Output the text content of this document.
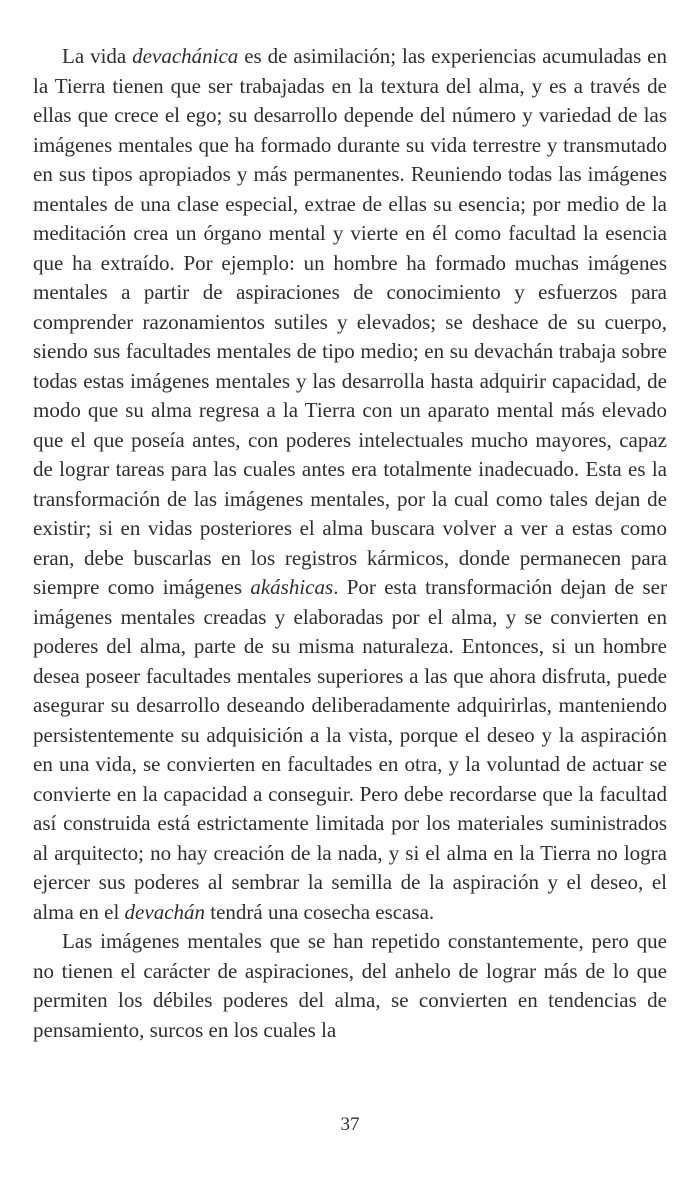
La vida devachánica es de asimilación; las experiencias acumuladas en la Tierra tienen que ser trabajadas en la textura del alma, y es a través de ellas que crece el ego; su desarrollo depende del número y variedad de las imágenes mentales que ha formado durante su vida terrestre y transmutado en sus tipos apropiados y más permanentes. Reuniendo todas las imágenes mentales de una clase especial, extrae de ellas su esencia; por medio de la meditación crea un órgano mental y vierte en él como facultad la esencia que ha extraído. Por ejemplo: un hombre ha formado muchas imágenes mentales a partir de aspiraciones de conocimiento y esfuerzos para comprender razonamientos sutiles y elevados; se deshace de su cuerpo, siendo sus facultades mentales de tipo medio; en su devachán trabaja sobre todas estas imágenes mentales y las desarrolla hasta adquirir capacidad, de modo que su alma regresa a la Tierra con un aparato mental más elevado que el que poseía antes, con poderes intelectuales mucho mayores, capaz de lograr tareas para las cuales antes era totalmente inadecuado. Esta es la transformación de las imágenes mentales, por la cual como tales dejan de existir; si en vidas posteriores el alma buscara volver a ver a estas como eran, debe buscarlas en los registros kármicos, donde permanecen para siempre como imágenes akáshicas. Por esta transformación dejan de ser imágenes mentales creadas y elaboradas por el alma, y se convierten en poderes del alma, parte de su misma naturaleza. Entonces, si un hombre desea poseer facultades mentales superiores a las que ahora disfruta, puede asegurar su desarrollo deseando deliberadamente adquirirlas, manteniendo persistentemente su adquisición a la vista, porque el deseo y la aspiración en una vida, se convierten en facultades en otra, y la voluntad de actuar se convierte en la capacidad a conseguir. Pero debe recordarse que la facultad así construida está estrictamente limitada por los materiales suministrados al arquitecto; no hay creación de la nada, y si el alma en la Tierra no logra ejercer sus poderes al sembrar la semilla de la aspiración y el deseo, el alma en el devachán tendrá una cosecha escasa.

Las imágenes mentales que se han repetido constantemente, pero que no tienen el carácter de aspiraciones, del anhelo de lograr más de lo que permiten los débiles poderes del alma, se convierten en tendencias de pensamiento, surcos en los cuales la

37
